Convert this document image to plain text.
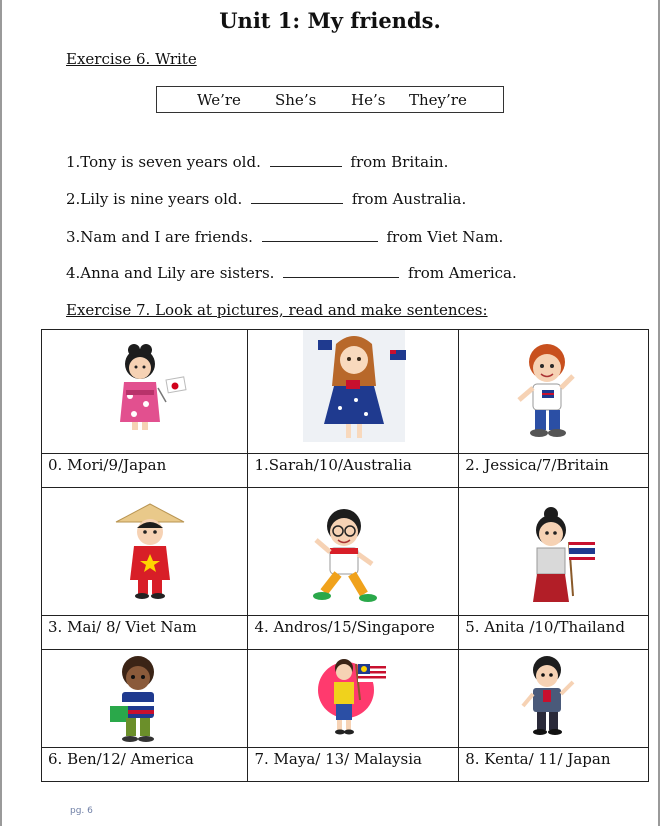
Unit 1: My friends.
Exercise 6. Write
We’re	She’s	He’s	They’re
1.Tony is seven years old.	from Britain.
2.Lily is nine years old.	from Australia.
3.Nam and I are friends.	from Viet Nam.
4.Anna and Lily are sisters.	from America.
Exercise 7. Look at pictures, read and make sentences:

0. Mori/9/Japan	1.Sarah/10/Australia	2. Jessica/7/Britain

3. Mai/ 8/ Viet Nam	4. Andros/15/Singapore	5. Anita /10/Thailand

6. Ben/12/ America	7. Maya/ 13/ Malaysia	8. Kenta/ 11/ Japan
pg. 6
